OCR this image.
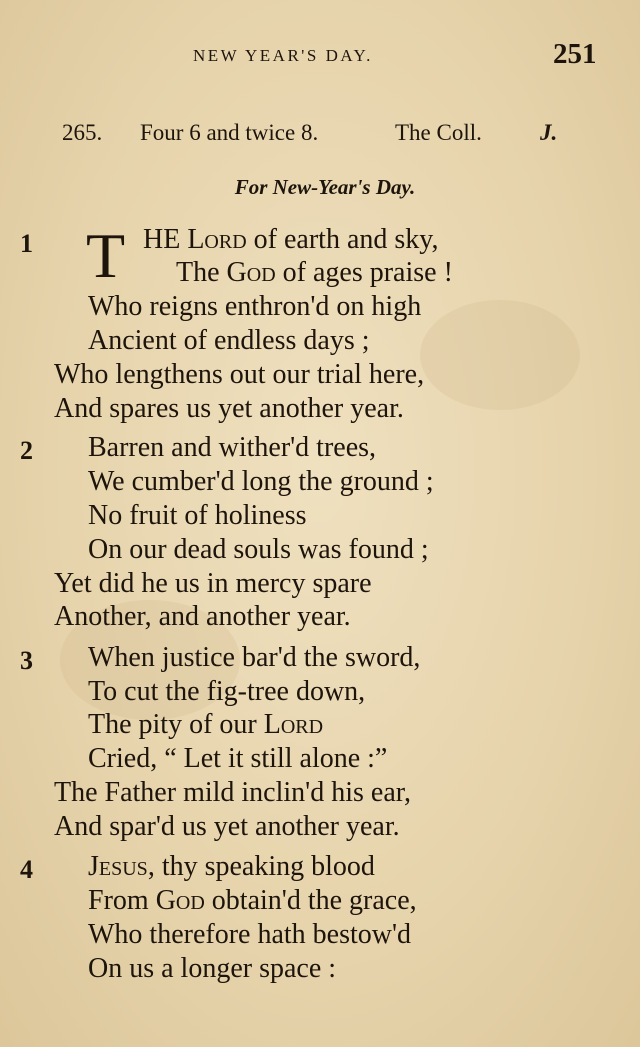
NEW YEAR'S DAY.	251
265. Four 6 and twice 8.	The Coll.	J.
For New-Year's Day.
1 T HE Lord of earth and sky,
The God of ages praise !
Who reigns enthron'd on high
Ancient of endless days ;
Who lengthens out our trial here,
And spares us yet another year.
2 Barren and wither'd trees,
We cumber'd long the ground ;
No fruit of holiness
On our dead souls was found ;
Yet did he us in mercy spare
Another, and another year.
3 When justice bar'd the sword,
To cut the fig-tree down,
The pity of our Lord
Cried, “ Let it still alone :”
The Father mild inclin'd his ear,
And spar'd us yet another year.
4 Jesus, thy speaking blood
From God obtain'd the grace,
Who therefore hath bestow'd
On us a longer space :
